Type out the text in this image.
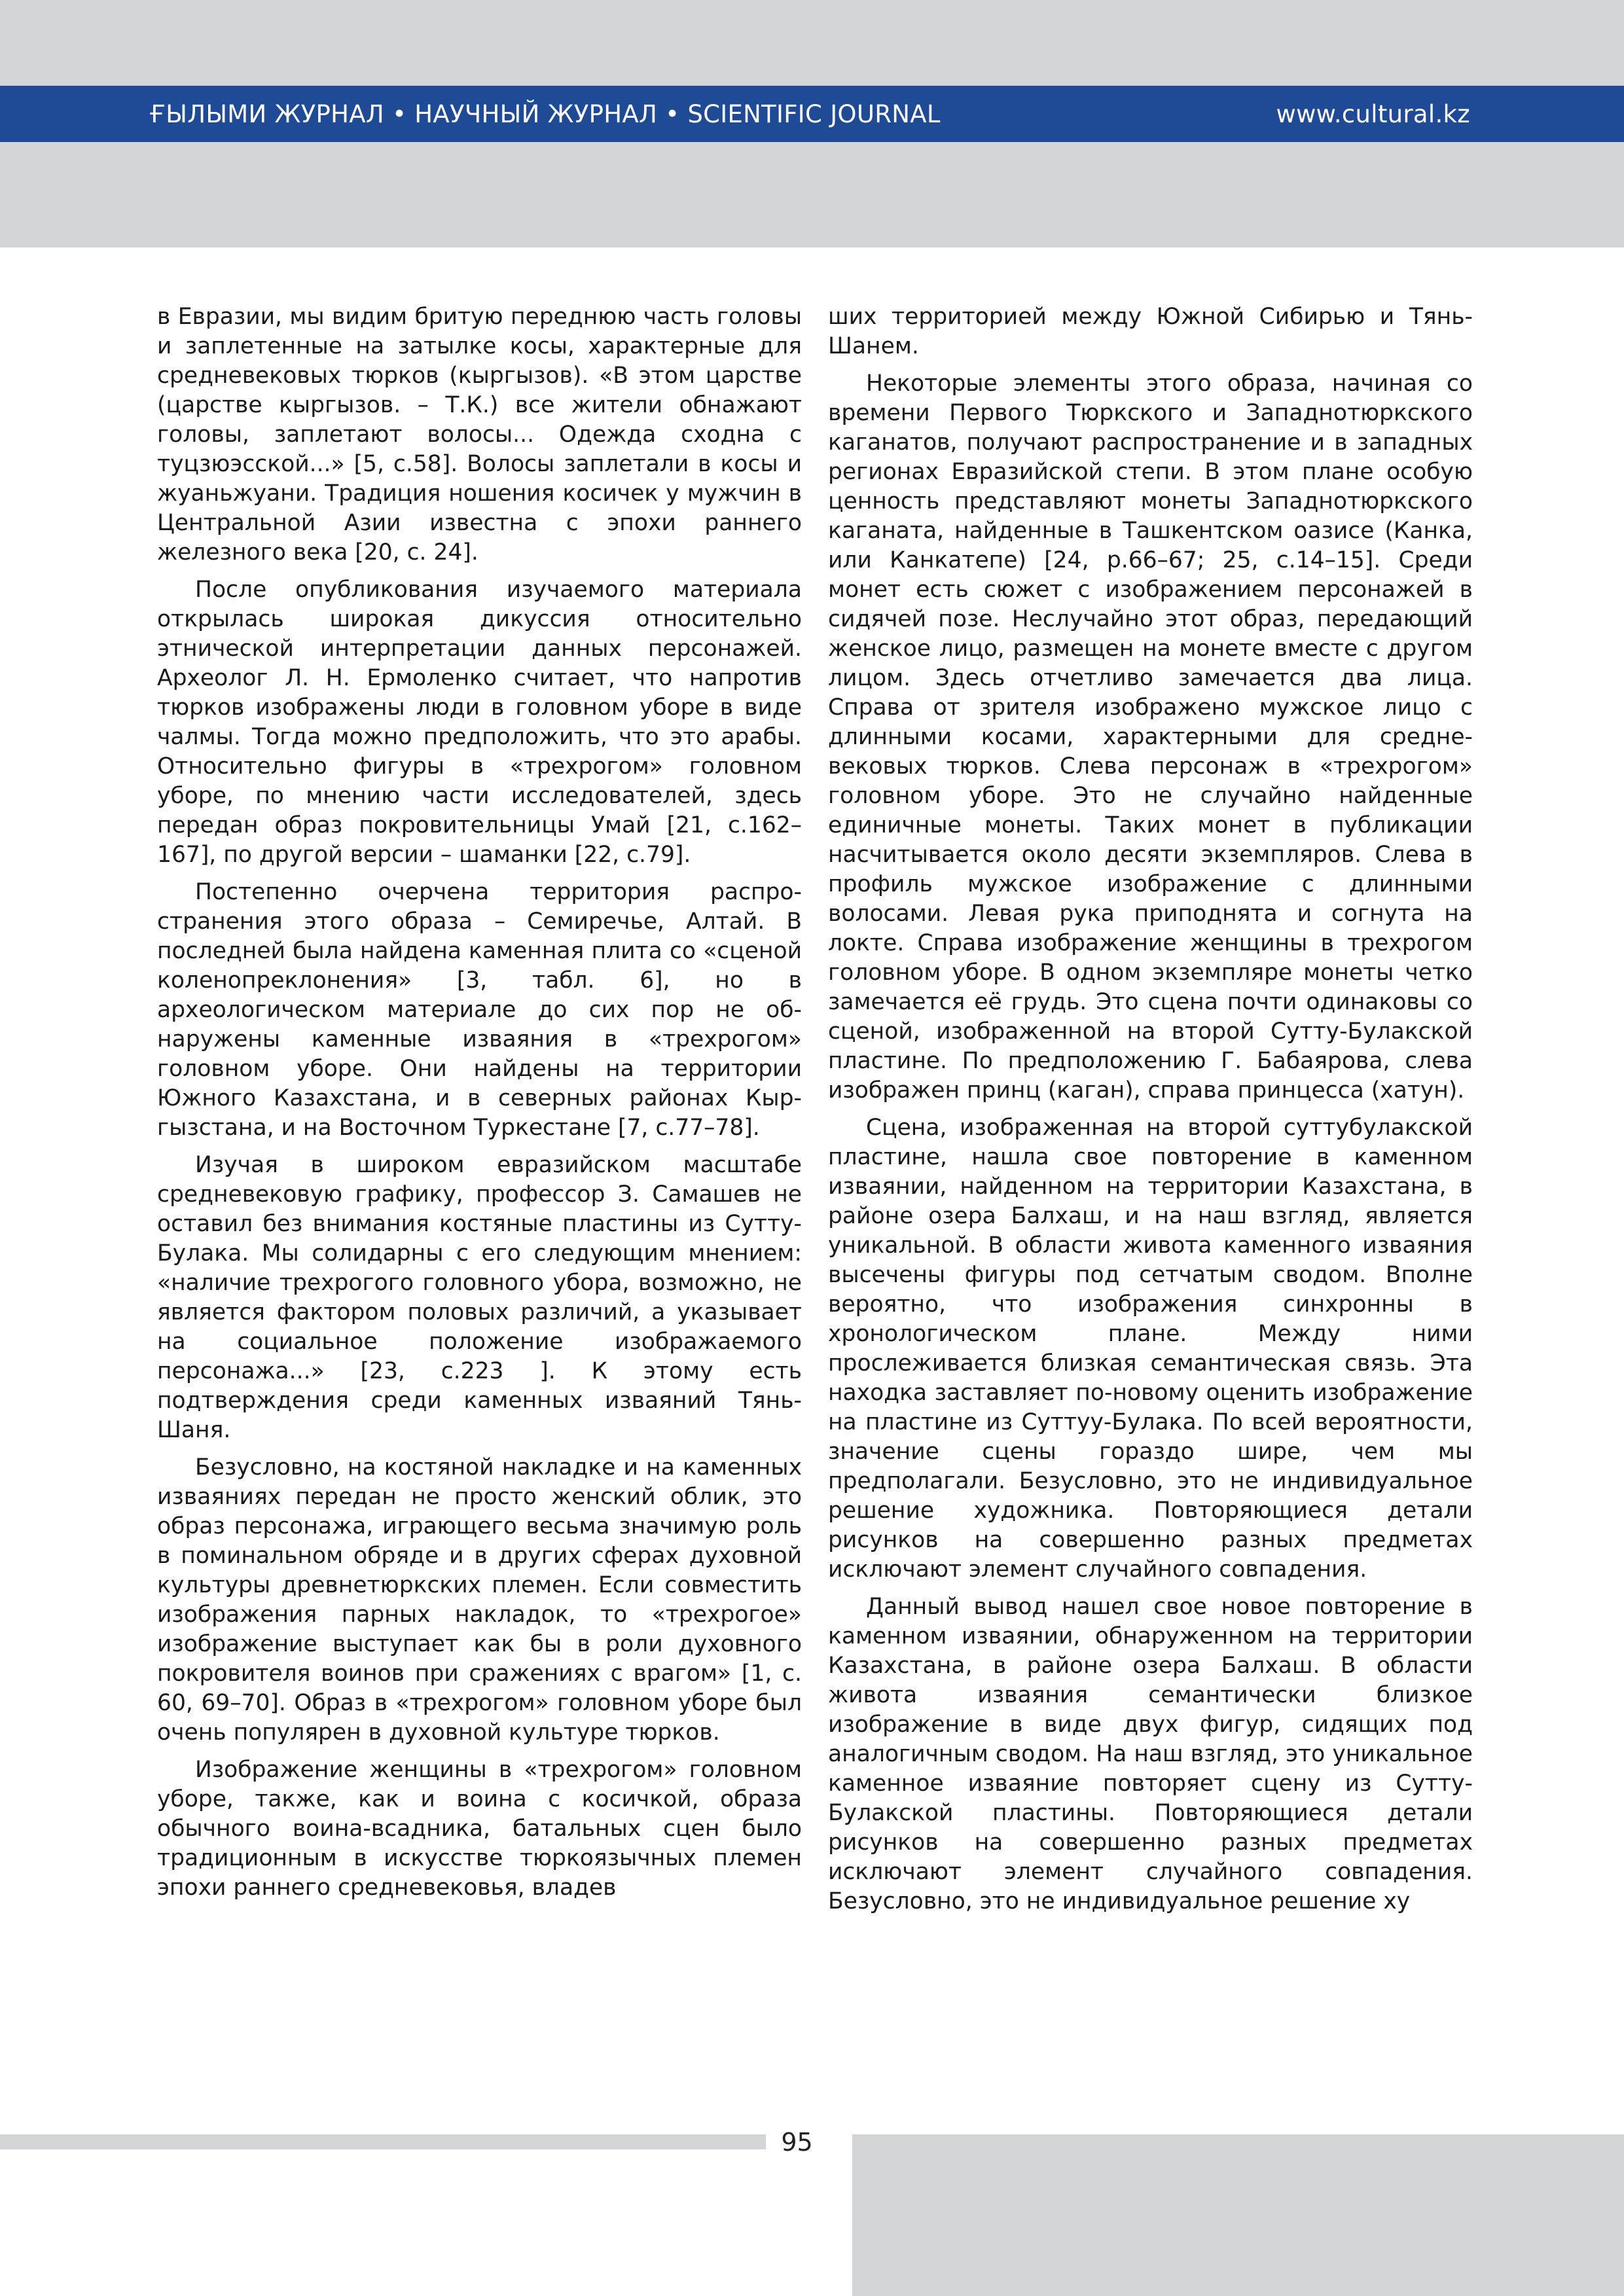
ҒЫЛЫМИ ЖУРНАЛ • НАУЧНЫЙ ЖУРНАЛ • SCIENTIFIC JOURNAL	www.cultural.kz

в Евразии, мы видим бритую переднюю часть головы и заплетенные на затылке косы, характерные для средневековых тюрков (кыргызов). «В этом царстве (царстве кыргызов. – Т.К.) все жители обнажают головы, заплетают волосы... Одежда сходна с туцзюэсской...» [5, с.58]. Волосы заплетали в косы и жуаньжуани. Традиция ношения косичек у мужчин в Центральной Азии известна с эпохи раннего железного века [20, с. 24].

После опубликования изучаемого материала открылась широкая дикуссия относительно этнической интерпретации данных персонажей. Археолог Л. Н. Ермоленко считает, что напротив тюрков изображены люди в головном уборе в виде чалмы. Тогда можно предположить, что это арабы. Относительно фигуры в «трехрогом» головном уборе, по мнению части исследователей, здесь передан образ покровительницы Умай [21, с.162–167], по другой версии – шаманки [22, с.79].

Постепенно очерчена территория распространения этого образа – Семиречье, Алтай. В последней была найдена каменная плита со «сценой коленопреклонения» [3, табл. 6], но в археологическом материале до сих пор не обнаружены каменные изваяния в «трехрогом» головном уборе. Они найдены на территории Южного Казахстана, и в северных районах Кыргызстана, и на Восточном Туркестане [7, с.77–78].

Изучая в широком евразийском масштабе средневековую графику, профессор З. Самашев не оставил без внимания костяные пластины из Сутту-Булака. Мы солидарны с его следующим мнением: «наличие трехрогого головного убора, возможно, не является фактором половых различий, а указывает на социальное положение изображаемого персонажа...» [23, с.223 ]. К этому есть подтверждения среди каменных изваяний Тянь-Шаня.

Безусловно, на костяной накладке и на каменных изваяниях передан не просто женский облик, это образ персонажа, играющего весьма значимую роль в поминальном обряде и в других сферах духовной культуры древнетюркских племен. Если совместить изображения парных накладок, то «трехрогое» изображение выступает как бы в роли духовного покровителя воинов при сражениях с врагом» [1, с. 60, 69–70]. Образ в «трехрогом» головном уборе был очень популярен в духовной культуре тюрков.

Изображение женщины в «трехрогом» головном уборе, также, как и воина с косичкой, образа обычного воина-всадника, батальных сцен было традиционным в искусстве тюркоязычных племен эпохи раннего средневековья, владев

ших территорией между Южной Сибирью и Тянь-Шанем.

Некоторые элементы этого образа, начиная со времени Первого Тюркского и Западнотюркского каганатов, получают распространение и в западных регионах Евразийской степи. В этом плане особую ценность представляют монеты Западнотюркского каганата, найденные в Ташкентском оазисе (Канка, или Канкатепе) [24, р.66–67; 25, с.14–15]. Среди монет есть сюжет с изображением персонажей в сидячей позе. Неслучайно этот образ, передающий женское лицо, размещен на монете вместе с другом лицом. Здесь отчетливо замечается два лица. Справа от зрителя изображено мужское лицо с длинными косами, характерными для средне-вековых тюрков. Слева персонаж в «трехрогом» головном уборе. Это не случайно найденные единичные монеты. Таких монет в публикации насчитывается около десяти экземпляров. Слева в профиль мужское изображение с длинными волосами. Левая рука приподнята и согнута на локте. Справа изображение женщины в трехрогом головном уборе. В одном экземпляре монеты четко замечается её грудь. Это сцена почти одинаковы со сценой, изображенной на второй Сутту-Булакской пластине. По предположению Г. Бабаярова, слева изображен принц (каган), справа принцесса (хатун).

Сцена, изображенная на второй суттубулакской пластине, нашла свое повторение в каменном изваянии, найденном на территории Казахстана, в районе озера Балхаш, и на наш взгляд, является уникальной. В области живота каменного изваяния высечены фигуры под сетчатым сводом. Вполне вероятно, что изображения синхронны в хронологическом плане. Между ними прослеживается близкая семантическая связь. Эта находка заставляет по-новому оценить изображение на пластине из Суттуу-Булака. По всей вероятности, значение сцены гораздо шире, чем мы предполагали. Безусловно, это не индивидуальное решение художника. Повторяющиеся детали рисунков на совершенно разных предметах исключают элемент случайного совпадения.

Данный вывод нашел свое новое повторение в каменном изваянии, обнаруженном на территории Казахстана, в районе озера Балхаш. В области живота изваяния семантически близкое изображение в виде двух фигур, сидящих под аналогичным сводом. На наш взгляд, это уникальное каменное изваяние повторяет сцену из Сутту-Булакской пластины. Повторяющиеся детали рисунков на совершенно разных предметах исключают элемент случайного совпадения. Безусловно, это не индивидуальное решение ху

95
